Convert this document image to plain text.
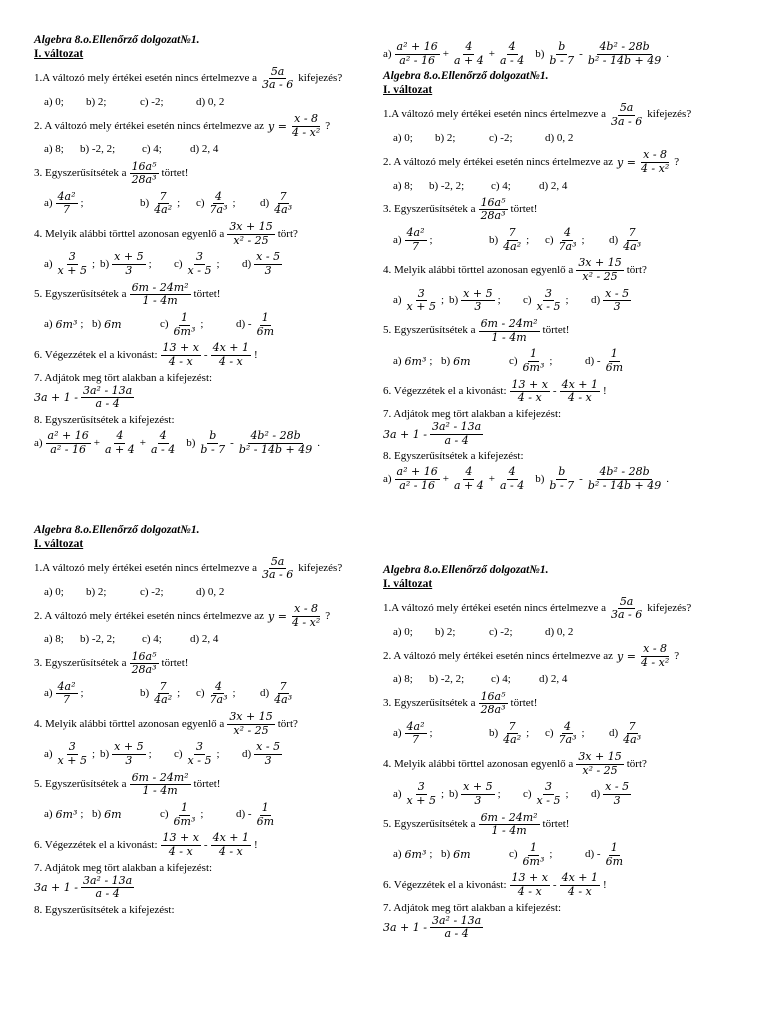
Algebra 8.o.Ellenőrző dolgozat№1.

I. változat

1.A változó mely értékei esetén nincs értelmezve a $\frac{5a}{3a - 6}$ kifejezés?
a) 0;	b) 2;	c) -2;	d) 0, 2
2. A változó mely értékei esetén nincs értelmezve az $y = \frac{x - 8}{\text{4 - x²}}$ ?
a) 8;	b) -2, 2;	c) 4;	d) 2, 4
3. Egyszerűsítsétek a $\frac{\text{16a⁵}}{\text{28a³}}$ törtet!
$a) \frac{\text{4a²}}{7}$ ;	$b) \frac{7}{\text{4a²}}$ ; $c) \frac{4}{\text{7a³}}$ ; $d) \frac{7}{\text{4a³}}$
4. Melyik alábbi törttel azonosan egyenlő a $\frac{3x + 15}{\text{x² - 25}}$ tört?
$a) \frac{3}{x + 5}$ ; $b) \frac{x + 5}{3}$ ; $c) \frac{3}{x - 5}$ ; $d) \frac{x - 5}{3}$
5. Egyszerűsítsétek a $\frac{\text{6m - 24m²}}{1 - 4m}$ törtet!
a) 6m³ ; b) 6m	$c) \frac{1}{\text{6m³}}$ ;	$d) - \frac{1}{6m}$
6. Végezzétek el a kivonást: $\frac{13 + x}{4 - x} - \frac{4x + 1}{4 - x}$ !
7. Adjátok meg tört alakban a kifejezést:
$3a + 1 - \frac{\text{3a² - 13a}}{a - 4}$
8. Egyszerűsítsétek a kifejezést:
$a) \frac{\text{a² + 16}}{\text{a² - 16}} + \frac{4}{a + 4} + \frac{4}{a - 4} b) \frac{b}{b - 7} - \frac{\text{4b² - 28b}}{\text{b² - 14b + 49}}$ .
$a) \frac{\text{a² + 16}}{\text{a² - 16}} + \frac{4}{a + 4} + \frac{4}{a - 4} b) \frac{b}{b - 7} - \frac{\text{4b² - 28b}}{\text{b² - 14b + 49}}$ .

Algebra 8.o.Ellenőrző dolgozat№1.

I. változat

1.A változó mely értékei esetén nincs értelmezve a $\frac{5a}{3a - 6}$ kifejezés?
a) 0;	b) 2;	c) -2;	d) 0, 2
2. A változó mely értékei esetén nincs értelmezve az $y = \frac{x - 8}{\text{4 - x²}}$ ?
a) 8;	b) -2, 2;	c) 4;	d) 2, 4
3. Egyszerűsítsétek a $\frac{\text{16a⁵}}{\text{28a³}}$ törtet!
$a) \frac{\text{4a²}}{7}$ ;	$b) \frac{7}{\text{4a²}}$ ; $c) \frac{4}{\text{7a³}}$ ; $d) \frac{7}{\text{4a³}}$
4. Melyik alábbi törttel azonosan egyenlő a $\frac{3x + 15}{\text{x² - 25}}$ tört?
$a) \frac{3}{x + 5}$ ; $b) \frac{x + 5}{3}$ ; $c) \frac{3}{x - 5}$ ; $d) \frac{x - 5}{3}$
5. Egyszerűsítsétek a $\frac{\text{6m - 24m²}}{1 - 4m}$ törtet!
a) 6m³ ; b) 6m	$c) \frac{1}{\text{6m³}}$ ;	$d) - \frac{1}{6m}$
6. Végezzétek el a kivonást: $\frac{13 + x}{4 - x} - \frac{4x + 1}{4 - x}$ !
7. Adjátok meg tört alakban a kifejezést:
$3a + 1 - \frac{\text{3a² - 13a}}{a - 4}$
8. Egyszerűsítsétek a kifejezést:
$a) \frac{\text{a² + 16}}{\text{a² - 16}} + \frac{4}{a + 4} + \frac{4}{a - 4} b) \frac{b}{b - 7} - \frac{\text{4b² - 28b}}{\text{b² - 14b + 49}}$ .

Algebra 8.o.Ellenőrző dolgozat№1.

I. változat

1.A változó mely értékei esetén nincs értelmezve a $\frac{5a}{3a - 6}$ kifejezés?
a) 0;	b) 2;	c) -2;	d) 0, 2
2. A változó mely értékei esetén nincs értelmezve az $y = \frac{x - 8}{\text{4 - x²}}$ ?
a) 8;	b) -2, 2;	c) 4;	d) 2, 4
3. Egyszerűsítsétek a $\frac{\text{16a⁵}}{\text{28a³}}$ törtet!
$a) \frac{\text{4a²}}{7}$ ;	$b) \frac{7}{\text{4a²}}$ ; $c) \frac{4}{\text{7a³}}$ ; $d) \frac{7}{\text{4a³}}$
4. Melyik alábbi törttel azonosan egyenlő a $\frac{3x + 15}{\text{x² - 25}}$ tört?
$a) \frac{3}{x + 5}$ ; $b) \frac{x + 5}{3}$ ; $c) \frac{3}{x - 5}$ ; $d) \frac{x - 5}{3}$
5. Egyszerűsítsétek a $\frac{\text{6m - 24m²}}{1 - 4m}$ törtet!
a) 6m³ ; b) 6m	$c) \frac{1}{\text{6m³}}$ ;	$d) - \frac{1}{6m}$
6. Végezzétek el a kivonást: $\frac{13 + x}{4 - x} - \frac{4x + 1}{4 - x}$ !
7. Adjátok meg tört alakban a kifejezést:
$3a + 1 - \frac{\text{3a² - 13a}}{a - 4}$
8. Egyszerűsítsétek a kifejezést:

Algebra 8.o.Ellenőrző dolgozat№1.

I. változat

1.A változó mely értékei esetén nincs értelmezve a $\frac{5a}{3a - 6}$ kifejezés?
a) 0;	b) 2;	c) -2;	d) 0, 2
2. A változó mely értékei esetén nincs értelmezve az $y = \frac{x - 8}{\text{4 - x²}}$ ?
a) 8;	b) -2, 2;	c) 4;	d) 2, 4
3. Egyszerűsítsétek a $\frac{\text{16a⁵}}{\text{28a³}}$ törtet!
$a) \frac{\text{4a²}}{7}$ ;	$b) \frac{7}{\text{4a²}}$ ; $c) \frac{4}{\text{7a³}}$ ; $d) \frac{7}{\text{4a³}}$
4. Melyik alábbi törttel azonosan egyenlő a $\frac{3x + 15}{\text{x² - 25}}$ tört?
$a) \frac{3}{x + 5}$ ; $b) \frac{x + 5}{3}$ ; $c) \frac{3}{x - 5}$ ; $d) \frac{x - 5}{3}$
5. Egyszerűsítsétek a $\frac{\text{6m - 24m²}}{1 - 4m}$ törtet!
a) 6m³ ; b) 6m	$c) \frac{1}{\text{6m³}}$ ;	$d) - \frac{1}{6m}$
6. Végezzétek el a kivonást: $\frac{13 + x}{4 - x} - \frac{4x + 1}{4 - x}$ !
7. Adjátok meg tört alakban a kifejezést:
$3a + 1 - \frac{\text{3a² - 13a}}{a - 4}$
